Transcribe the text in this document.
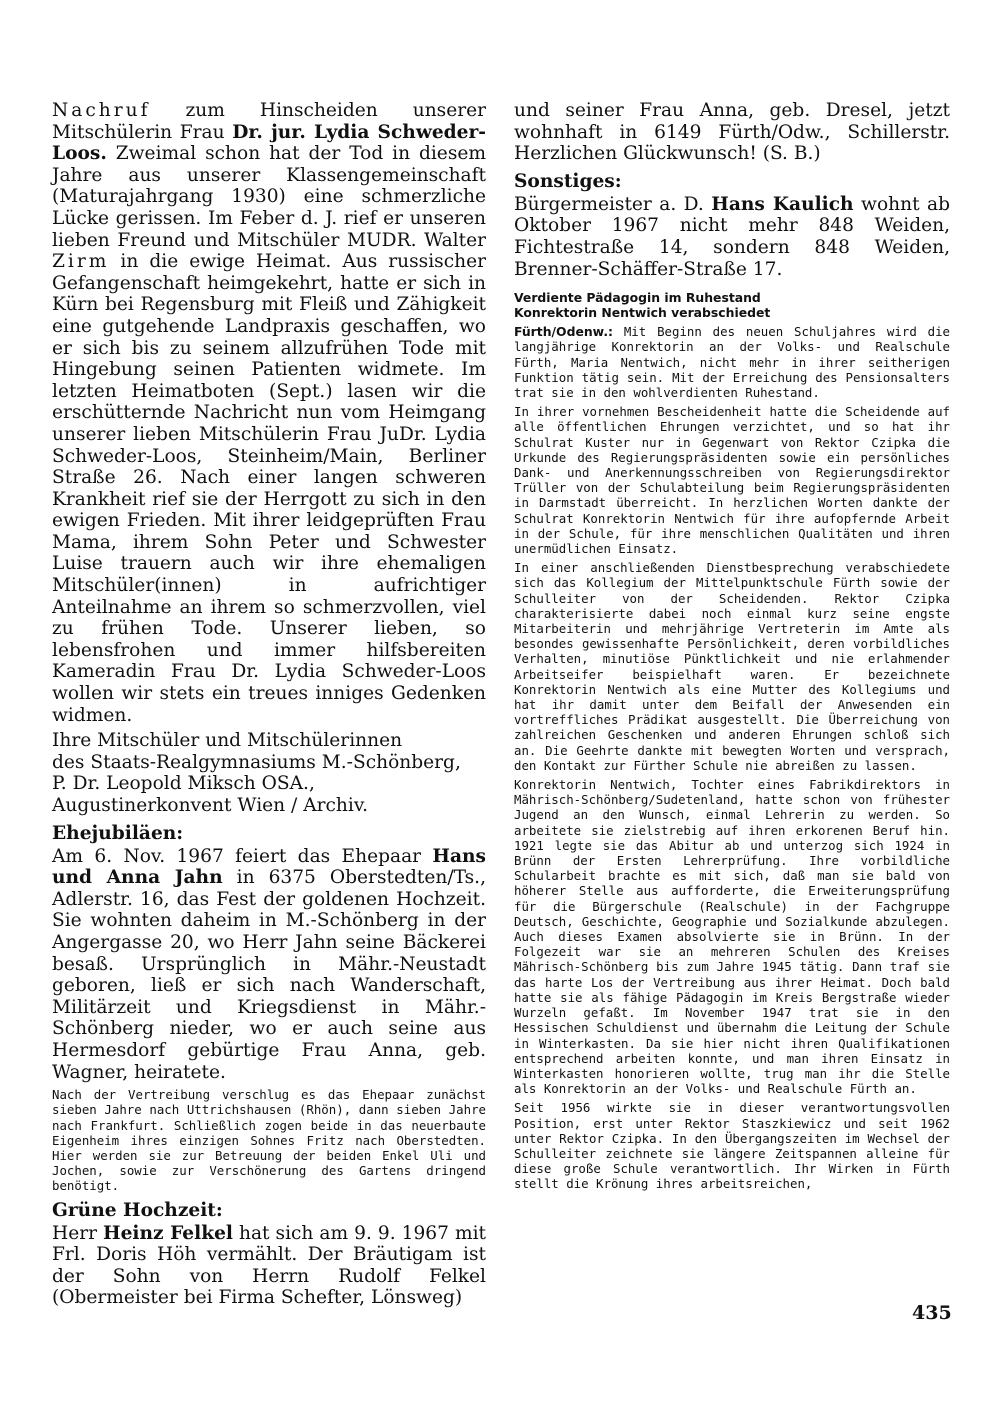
Nachruf zum Hinscheiden unserer Mitschülerin Frau Dr. jur. Lydia Schweder-Loos. Zweimal schon hat der Tod in diesem Jahre aus unserer Klassengemeinschaft (Maturajahrgang 1930) eine schmerzliche Lücke gerissen. Im Feber d. J. rief er unseren lieben Freund und Mitschüler MUDR. Walter Zirm in die ewige Heimat. Aus russischer Gefangenschaft heimgekehrt, hatte er sich in Kürn bei Regensburg mit Fleiß und Zähigkeit eine gutgehende Landpraxis geschaffen, wo er sich bis zu seinem allzufrühen Tode mit Hingebung seinen Patienten widmete. Im letzten Heimatboten (Sept.) lasen wir die erschütternde Nachricht nun vom Heimgang unserer lieben Mitschülerin Frau JuDr. Lydia Schweder-Loos, Steinheim/Main, Berliner Straße 26. Nach einer langen schweren Krankheit rief sie der Herrgott zu sich in den ewigen Frieden. Mit ihrer leidgeprüften Frau Mama, ihrem Sohn Peter und Schwester Luise trauern auch wir ihre ehemaligen Mitschüler(innen) in aufrichtiger Anteilnahme an ihrem so schmerzvollen, viel zu frühen Tode. Unserer lieben, so lebensfrohen und immer hilfsbereiten Kameradin Frau Dr. Lydia Schweder-Loos wollen wir stets ein treues inniges Gedenken widmen.

Ihre Mitschüler und Mitschülerinnen
des Staats-Realgymnasiums M.-Schönberg,
P. Dr. Leopold Miksch OSA.,
Augustinerkonvent Wien / Archiv.
Ehejubiläen:

Am 6. Nov. 1967 feiert das Ehepaar Hans und Anna Jahn in 6375 Oberstedten/Ts., Adlerstr. 16, das Fest der goldenen Hochzeit. Sie wohnten daheim in M.-Schönberg in der Angergasse 20, wo Herr Jahn seine Bäckerei besaß. Ursprünglich in Mähr.-Neustadt geboren, ließ er sich nach Wanderschaft, Militärzeit und Kriegsdienst in Mähr.-Schönberg nieder, wo er auch seine aus Hermesdorf gebürtige Frau Anna, geb. Wagner, heiratete.

Nach der Vertreibung verschlug es das Ehepaar zunächst sieben Jahre nach Uttrichshausen (Rhön), dann sieben Jahre nach Frankfurt. Schließlich zogen beide in das neuerbaute Eigenheim ihres einzigen Sohnes Fritz nach Oberstedten. Hier werden sie zur Betreuung der beiden Enkel Uli und Jochen, sowie zur Verschönerung des Gartens dringend benötigt.

Grüne Hochzeit:

Herr Heinz Felkel hat sich am 9. 9. 1967 mit Frl. Doris Höh vermählt. Der Bräutigam ist der Sohn von Herrn Rudolf Felkel (Obermeister bei Firma Schefter, Lönsweg)

und seiner Frau Anna, geb. Dresel, jetzt wohnhaft in 6149 Fürth/Odw., Schillerstr. Herzlichen Glückwunsch! (S. B.)

Sonstiges:

Bürgermeister a. D. Hans Kaulich wohnt ab Oktober 1967 nicht mehr 848 Weiden, Fichtestraße 14, sondern 848 Weiden, Brenner-Schäffer-Straße 17.

Verdiente Pädagogin im Ruhestand
Konrektorin Nentwich verabschiedet

Fürth/Odenw.: Mit Beginn des neuen Schuljahres wird die langjährige Konrektorin an der Volks- und Realschule Fürth, Maria Nentwich, nicht mehr in ihrer seitherigen Funktion tätig sein. Mit der Erreichung des Pensionsalters trat sie in den wohlverdienten Ruhestand.

In ihrer vornehmen Bescheidenheit hatte die Scheidende auf alle öffentlichen Ehrungen verzichtet, und so hat ihr Schulrat Kuster nur in Gegenwart von Rektor Czipka die Urkunde des Regierungspräsidenten sowie ein persönliches Dank- und Anerkennungsschreiben von Regierungsdirektor Trüller von der Schulabteilung beim Regierungspräsidenten in Darmstadt überreicht. In herzlichen Worten dankte der Schulrat Konrektorin Nentwich für ihre aufopfernde Arbeit in der Schule, für ihre menschlichen Qualitäten und ihren unermüdlichen Einsatz.

In einer anschließenden Dienstbesprechung verabschiedete sich das Kollegium der Mittelpunktschule Fürth sowie der Schulleiter von der Scheidenden. Rektor Czipka charakterisierte dabei noch einmal kurz seine engste Mitarbeiterin und mehrjährige Vertreterin im Amte als besondes gewissenhafte Persönlichkeit, deren vorbildliches Verhalten, minutiöse Pünktlichkeit und nie erlahmender Arbeitseifer beispielhaft waren. Er bezeichnete Konrektorin Nentwich als eine Mutter des Kollegiums und hat ihr damit unter dem Beifall der Anwesenden ein vortreffliches Prädikat ausgestellt. Die Überreichung von zahlreichen Geschenken und anderen Ehrungen schloß sich an. Die Geehrte dankte mit bewegten Worten und versprach, den Kontakt zur Fürther Schule nie abreißen zu lassen.

Konrektorin Nentwich, Tochter eines Fabrikdirektors in Mährisch-Schönberg/Sudetenland, hatte schon von frühester Jugend an den Wunsch, einmal Lehrerin zu werden. So arbeitete sie zielstrebig auf ihren erkorenen Beruf hin. 1921 legte sie das Abitur ab und unterzog sich 1924 in Brünn der Ersten Lehrerprüfung. Ihre vorbildliche Schularbeit brachte es mit sich, daß man sie bald von höherer Stelle aus aufforderte, die Erweiterungsprüfung für die Bürgerschule (Realschule) in der Fachgruppe Deutsch, Geschichte, Geographie und Sozialkunde abzulegen. Auch dieses Examen absolvierte sie in Brünn. In der Folgezeit war sie an mehreren Schulen des Kreises Mährisch-Schönberg bis zum Jahre 1945 tätig. Dann traf sie das harte Los der Vertreibung aus ihrer Heimat. Doch bald hatte sie als fähige Pädagogin im Kreis Bergstraße wieder Wurzeln gefaßt. Im November 1947 trat sie in den Hessischen Schuldienst und übernahm die Leitung der Schule in Winterkasten. Da sie hier nicht ihren Qualifikationen entsprechend arbeiten konnte, und man ihren Einsatz in Winterkasten honorieren wollte, trug man ihr die Stelle als Konrektorin an der Volks- und Realschule Fürth an.

Seit 1956 wirkte sie in dieser verantwortungsvollen Position, erst unter Rektor Staszkiewicz und seit 1962 unter Rektor Czipka. In den Übergangszeiten im Wechsel der Schulleiter zeichnete sie längere Zeitspannen alleine für diese große Schule verantwortlich. Ihr Wirken in Fürth stellt die Krönung ihres arbeitsreichen,

435
